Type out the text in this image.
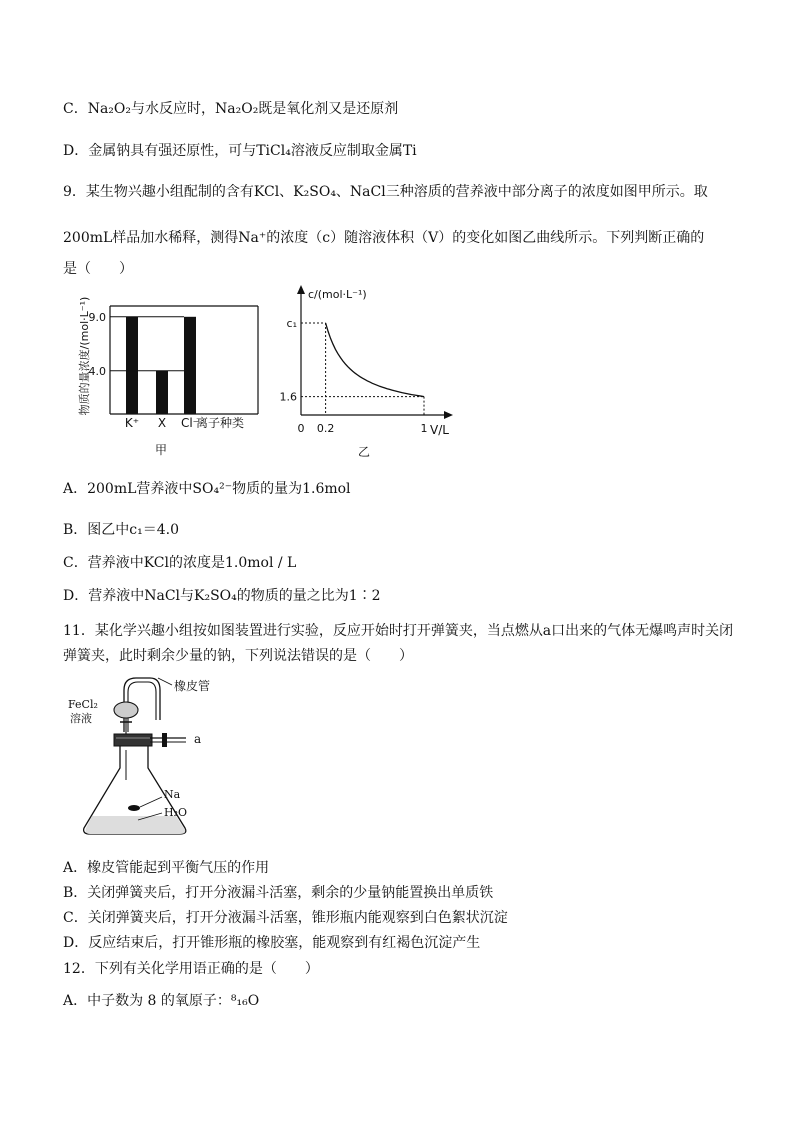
C．Na₂O₂与水反应时，Na₂O₂既是氧化剂又是还原剂
D．金属钠具有强还原性，可与TiCl₄溶液反应制取金属Ti
9．某生物兴趣小组配制的含有KCl、K₂SO₄、NaCl三种溶质的营养液中部分离子的浓度如图甲所示。取
200mL样品加水稀释，测得Na⁺的浓度（c）随溶液体积（V）的变化如图乙曲线所示。下列判断正确的
是（　　）
物质的量浓度/(mol·L⁻¹)
离子种类
甲
K⁺ X Cl⁻
4.0
9.0
c/(mol·L⁻¹)
V/L
乙
c₁
1.6
0 0.2	1
A．200mL营养液中SO₄²⁻物质的量为1.6mol
B．图乙中c₁＝4.0
C．营养液中KCl的浓度是1.0mol / L
D．营养液中NaCl与K₂SO₄的物质的量之比为1∶2
11．某化学兴趣小组按如图装置进行实验，反应开始时打开弹簧夹，当点燃从a口出来的气体无爆鸣声时关闭
弹簧夹，此时剩余少量的钠，下列说法错误的是（　　）
橡皮管
FeCl₂
溶液
a
Na
H₂O
A．橡皮管能起到平衡气压的作用
B．关闭弹簧夹后，打开分液漏斗活塞，剩余的少量钠能置换出单质铁
C．关闭弹簧夹后，打开分液漏斗活塞，锥形瓶内能观察到白色絮状沉淀
D．反应结束后，打开锥形瓶的橡胶塞，能观察到有红褐色沉淀产生
12．下列有关化学用语正确的是（　　）
A．中子数为 8 的氧原子：⁸₁₆O
